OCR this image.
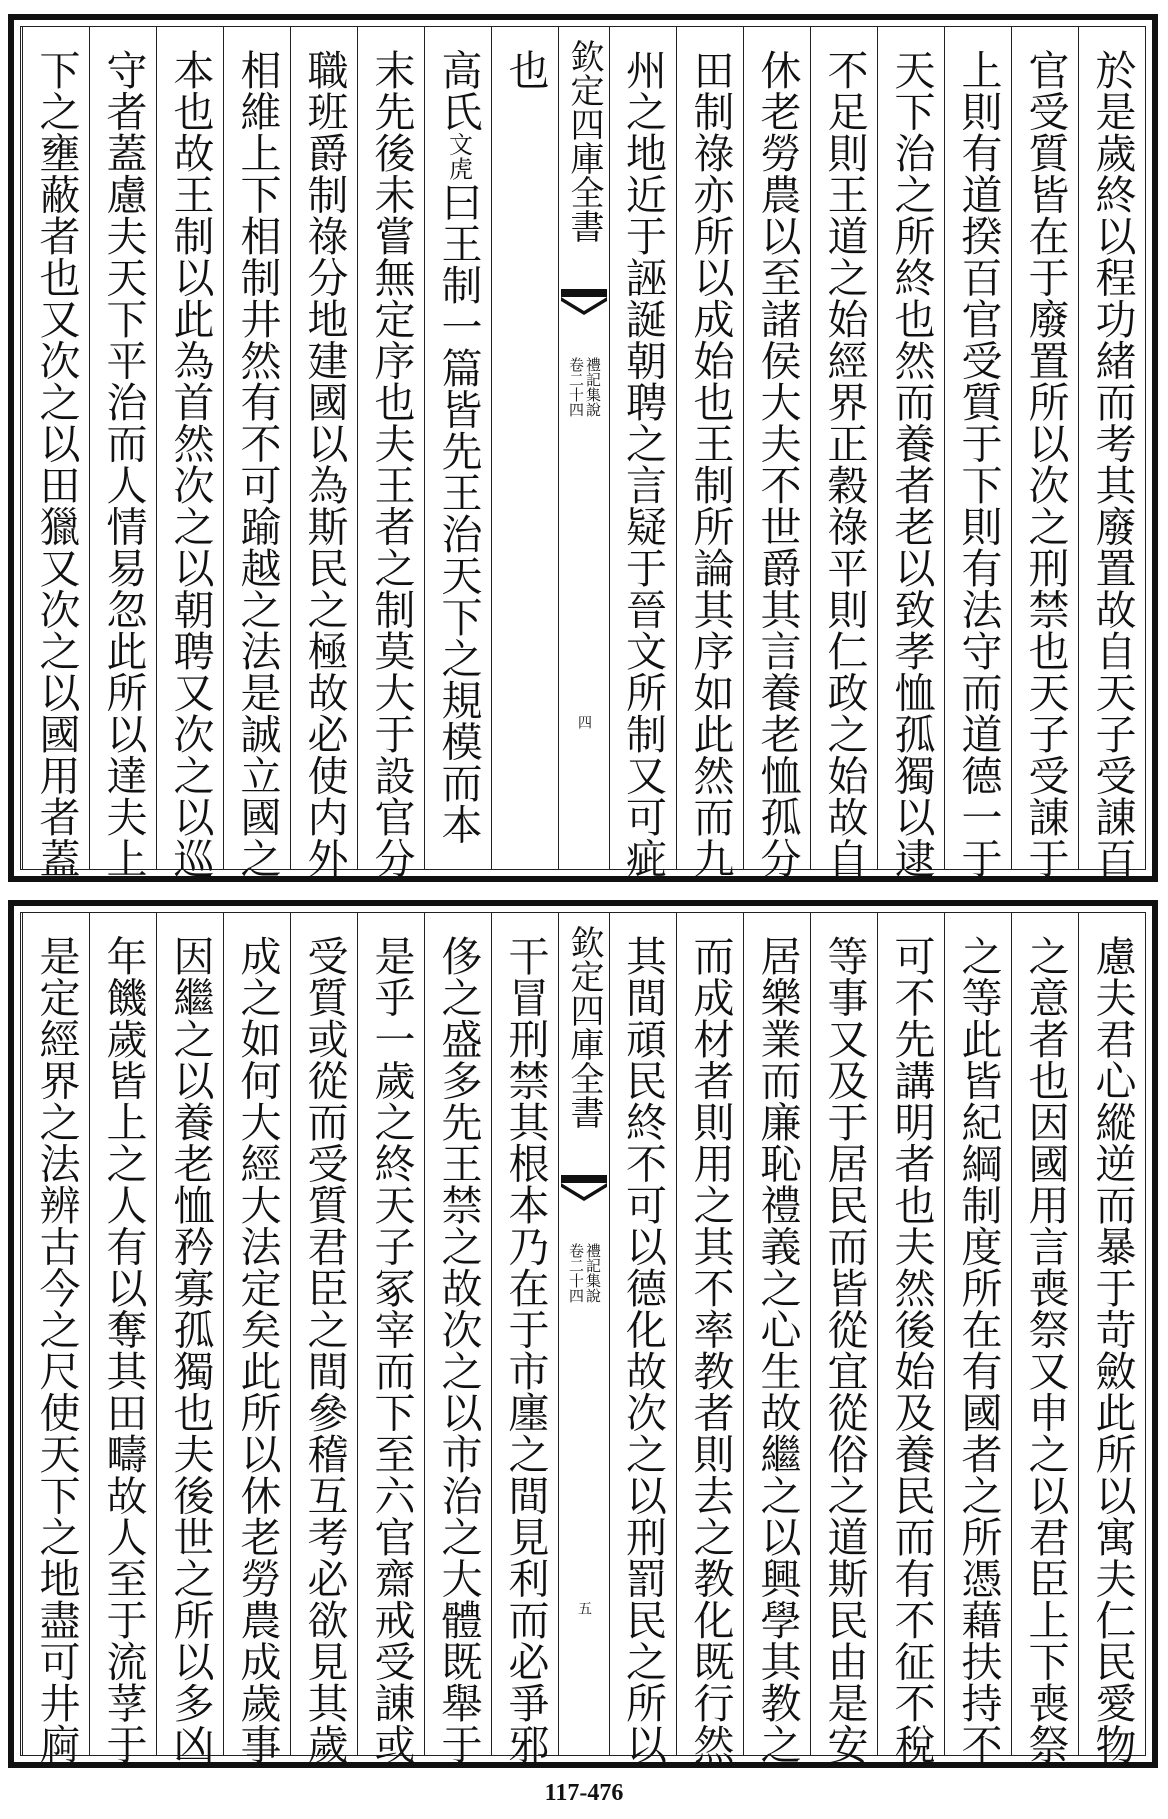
於是歲終以程功緒而考其廢置故自天子受諌百
官受質皆在于廢置所以次之刑禁也天子受諌于
上則有道揆百官受質于下則有法守而道德一于
天下治之所終也然而養者老以致孝恤孤獨以逮
不足則王道之始經界正穀祿平則仁政之始故自
休老勞農以至諸侯大夫不世爵其言養老恤孤分
田制祿亦所以成始也王制所論其序如此然而九
州之地近于誣誕朝聘之言疑于晉文所制又可疵
欽定四庫全書
禮記集說
卷二十四
四
也
高氏文虎曰王制一篇皆先王治天下之規模而本
末先後未嘗無定序也夫王者之制莫大于設官分
職班爵制祿分地建國以為斯民之極故必使内外
相維上下相制井然有不可踰越之法是誠立國之
本也故王制以此為首然次之以朝聘又次之以巡
守者蓋慮夫天下平治而人情易忽此所以達夫上
下之壅蔽者也又次之以田獵又次之以國用者蓋
慮夫君心縱逆而暴于苛斂此所以寓夫仁民愛物
之意者也因國用言喪祭又申之以君臣上下喪祭
之等此皆紀綱制度所在有國者之所憑藉扶持不
可不先講明者也夫然後始及養民而有不征不稅
等事又及于居民而皆從宜從俗之道斯民由是安
居樂業而廉恥禮義之心生故繼之以興學其教之
而成材者則用之其不率教者則去之教化既行然
其間頑民終不可以德化故次之以刑罰民之所以
欽定四庫全書
禮記集說
卷二十四
五
干冒刑禁其根本乃在于市廛之間見利而必爭邪
侈之盛多先王禁之故次之以市治之大體既舉于
是乎一歲之終天子冢宰而下至六官齋戒受諌或
受質或從而受質君臣之間參稽互考必欲見其歲
成之如何大經大法定矣此所以休老勞農成歲事
因繼之以養老恤矜寡孤獨也夫後世之所以多凶
年饑歲皆上之人有以奪其田疇故人至于流莩于
是定經界之法辨古今之尺使天下之地盡可井㢌
117-476
